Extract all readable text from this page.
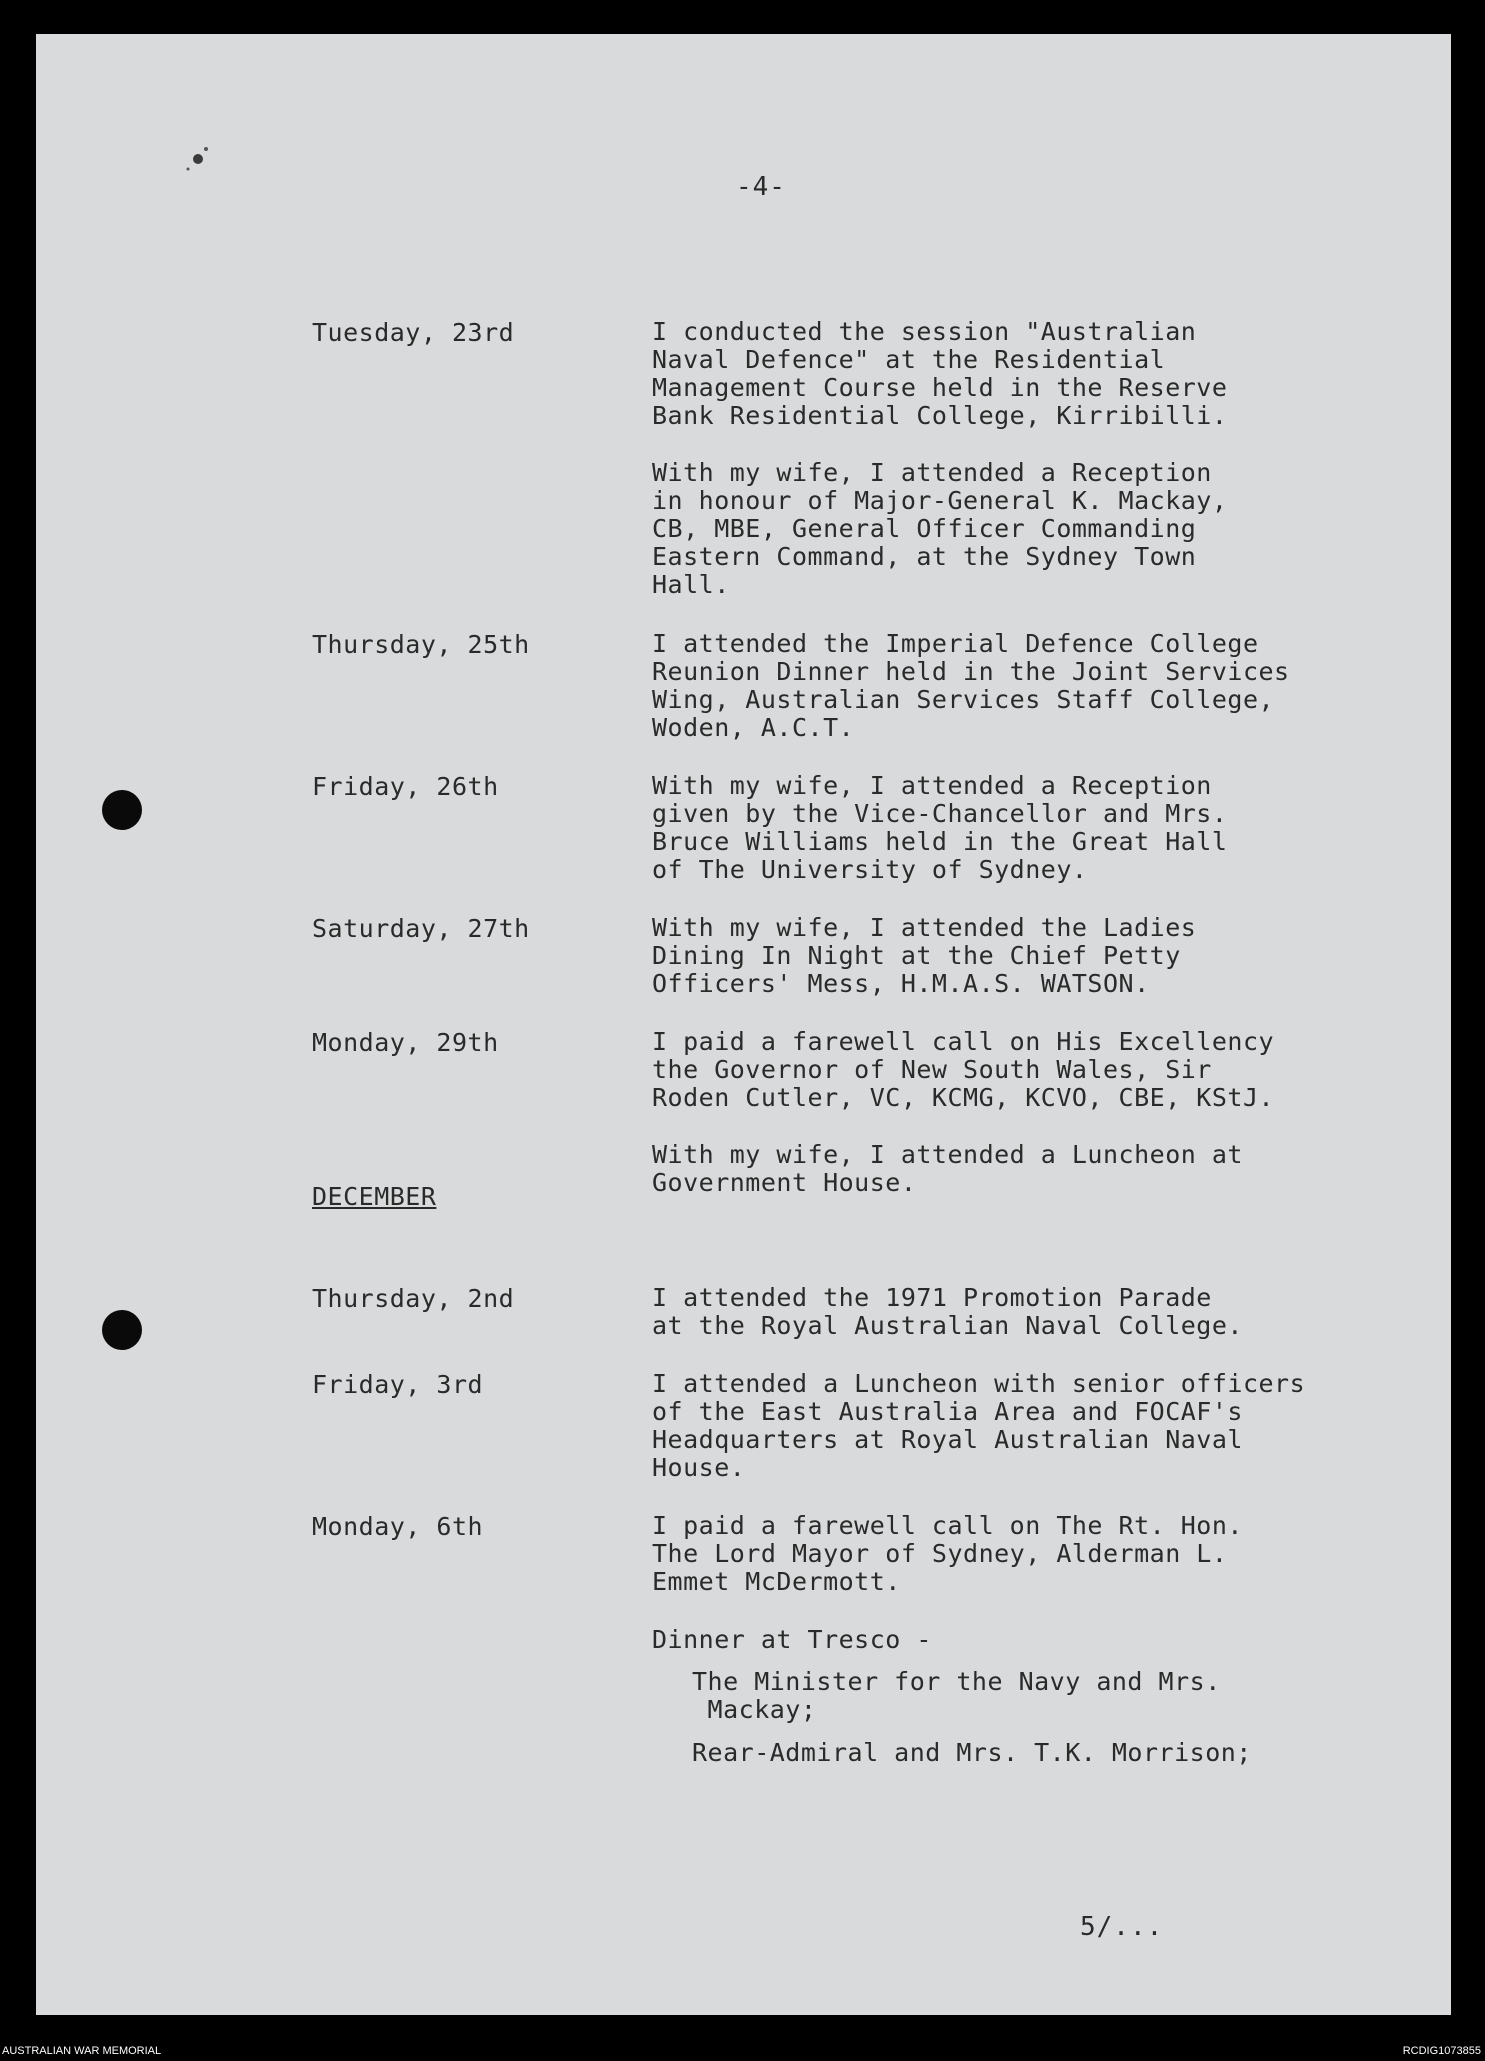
-4-
Tuesday, 23rd	I conducted the session "Australian
Naval Defence" at the Residential
Management Course held in the Reserve
Bank Residential College, Kirribilli.
With my wife, I attended a Reception
in honour of Major-General K. Mackay,
CB, MBE, General Officer Commanding
Eastern Command, at the Sydney Town
Hall.
Thursday, 25th	I attended the Imperial Defence College
Reunion Dinner held in the Joint Services
Wing, Australian Services Staff College,
Woden, A.C.T.
Friday, 26th	With my wife, I attended a Reception
given by the Vice-Chancellor and Mrs.
Bruce Williams held in the Great Hall
of The University of Sydney.
Saturday, 27th	With my wife, I attended the Ladies
Dining In Night at the Chief Petty
Officers' Mess, H.M.A.S. WATSON.
Monday, 29th	I paid a farewell call on His Excellency
the Governor of New South Wales, Sir
Roden Cutler, VC, KCMG, KCVO, CBE, KStJ.
With my wife, I attended a Luncheon at
Government House.
DECEMBER
Thursday, 2nd	I attended the 1971 Promotion Parade
at the Royal Australian Naval College.
Friday, 3rd	I attended a Luncheon with senior officers
of the East Australia Area and FOCAF's
Headquarters at Royal Australian Naval
House.
Monday, 6th	I paid a farewell call on The Rt. Hon.
The Lord Mayor of Sydney, Alderman L.
Emmet McDermott.
Dinner at Tresco -
The Minister for the Navy and Mrs.
Mackay;
Rear-Admiral and Mrs. T.K. Morrison;
5/...
AUSTRALIAN WAR MEMORIAL	RCDIG1073855
